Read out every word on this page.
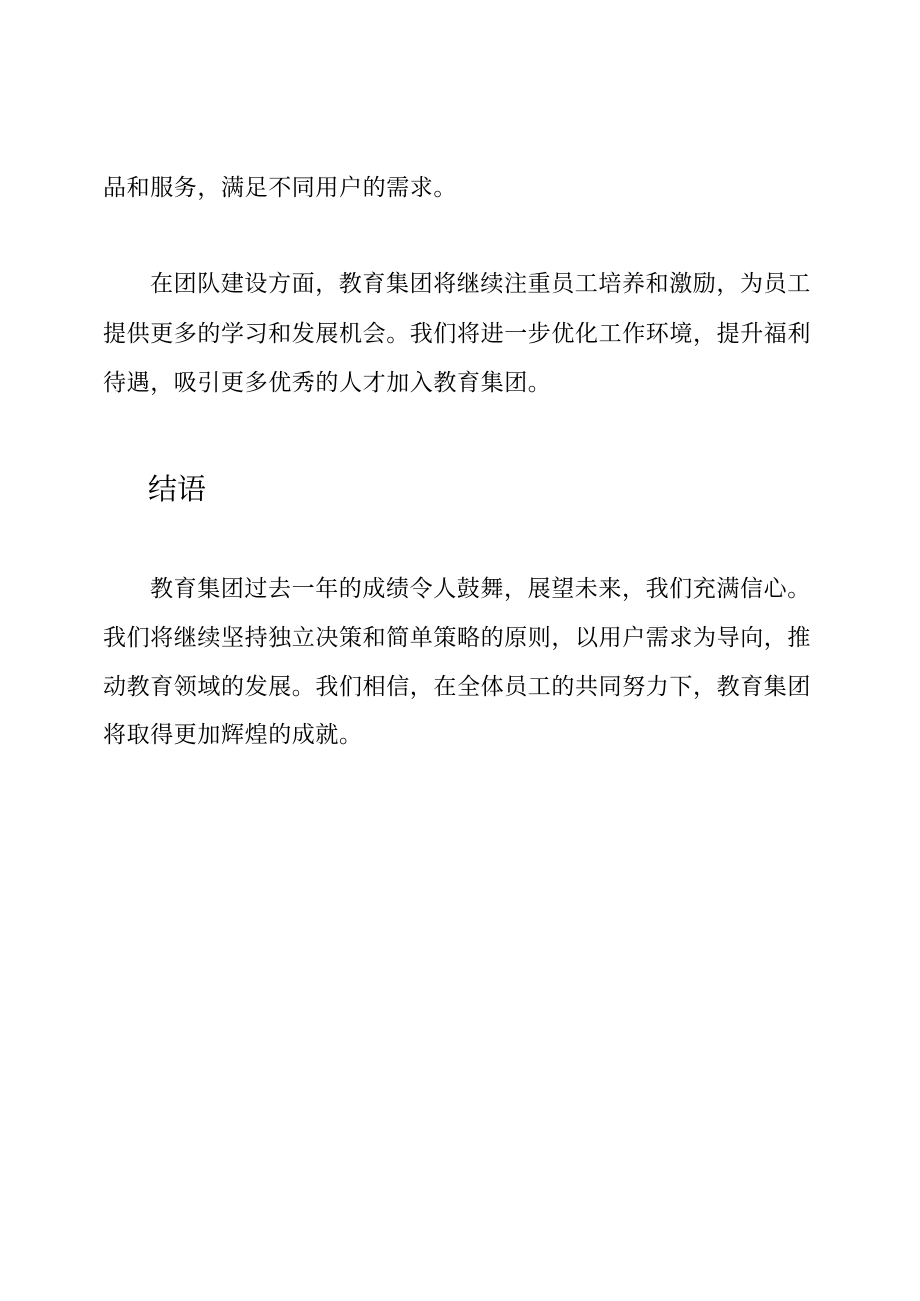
品和服务，满足不同用户的需求。
在团队建设方面，教育集团将继续注重员工培养和激励，为员工
提供更多的学习和发展机会。我们将进一步优化工作环境，提升福利
待遇，吸引更多优秀的人才加入教育集团。
结语
教育集团过去一年的成绩令人鼓舞，展望未来，我们充满信心。
我们将继续坚持独立决策和简单策略的原则，以用户需求为导向，推
动教育领域的发展。我们相信，在全体员工的共同努力下，教育集团
将取得更加辉煌的成就。
